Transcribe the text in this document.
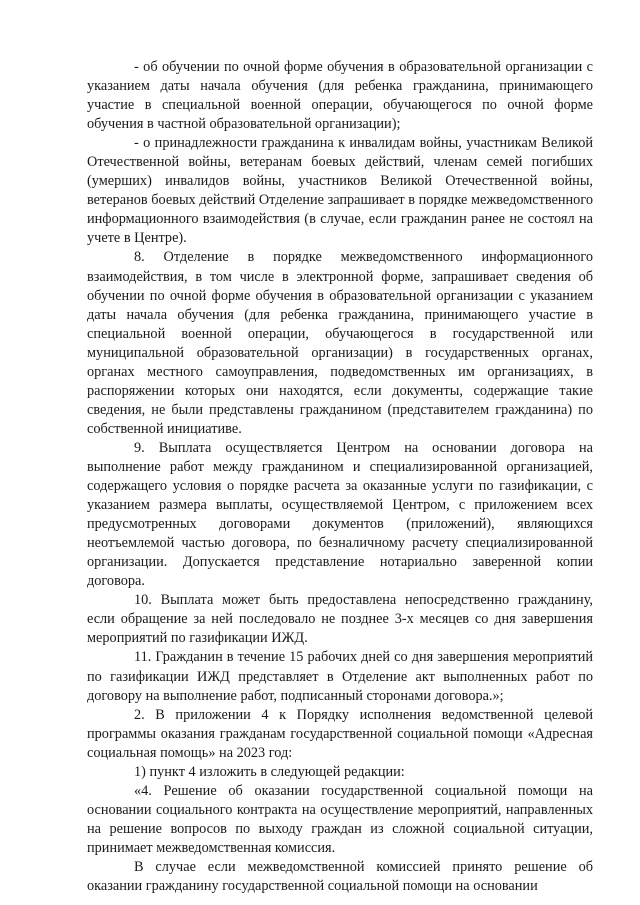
- об обучении по очной форме обучения в образовательной организации с указанием даты начала обучения (для ребенка гражданина, принимающего участие в специальной военной операции, обучающегося по очной форме обучения в частной образовательной организации);

- о принадлежности гражданина к инвалидам войны, участникам Великой Отечественной войны, ветеранам боевых действий, членам семей погибших (умерших) инвалидов войны, участников Великой Отечественной войны, ветеранов боевых действий Отделение запрашивает в порядке межведомственного информационного взаимодействия (в случае, если гражданин ранее не состоял на учете в Центре).

8. Отделение в порядке межведомственного информационного взаимодействия, в том числе в электронной форме, запрашивает сведения об обучении по очной форме обучения в образовательной организации с указанием даты начала обучения (для ребенка гражданина, принимающего участие в специальной военной операции, обучающегося в государственной или муниципальной образовательной организации) в государственных органах, органах местного самоуправления, подведомственных им организациях, в распоряжении которых они находятся, если документы, содержащие такие сведения, не были представлены гражданином (представителем гражданина) по собственной инициативе.

9. Выплата осуществляется Центром на основании договора на выполнение работ между гражданином и специализированной организацией, содержащего условия о порядке расчета за оказанные услуги по газификации, с указанием размера выплаты, осуществляемой Центром, с приложением всех предусмотренных договорами документов (приложений), являющихся неотъемлемой частью договора, по безналичному расчету специализированной организации. Допускается представление нотариально заверенной копии договора.

10. Выплата может быть предоставлена непосредственно гражданину, если обращение за ней последовало не позднее 3-х месяцев со дня завершения мероприятий по газификации ИЖД.

11. Гражданин в течение 15 рабочих дней со дня завершения мероприятий по газификации ИЖД представляет в Отделение акт выполненных работ по договору на выполнение работ, подписанный сторонами договора.»;

2. В приложении 4 к Порядку исполнения ведомственной целевой программы оказания гражданам государственной социальной помощи «Адресная социальная помощь» на 2023 год:

1) пункт 4 изложить в следующей редакции:

«4. Решение об оказании государственной социальной помощи на основании социального контракта на осуществление мероприятий, направленных на решение вопросов по выходу граждан из сложной социальной ситуации, принимает межведомственная комиссия.

В случае если межведомственной комиссией принято решение об оказании гражданину государственной социальной помощи на основании
